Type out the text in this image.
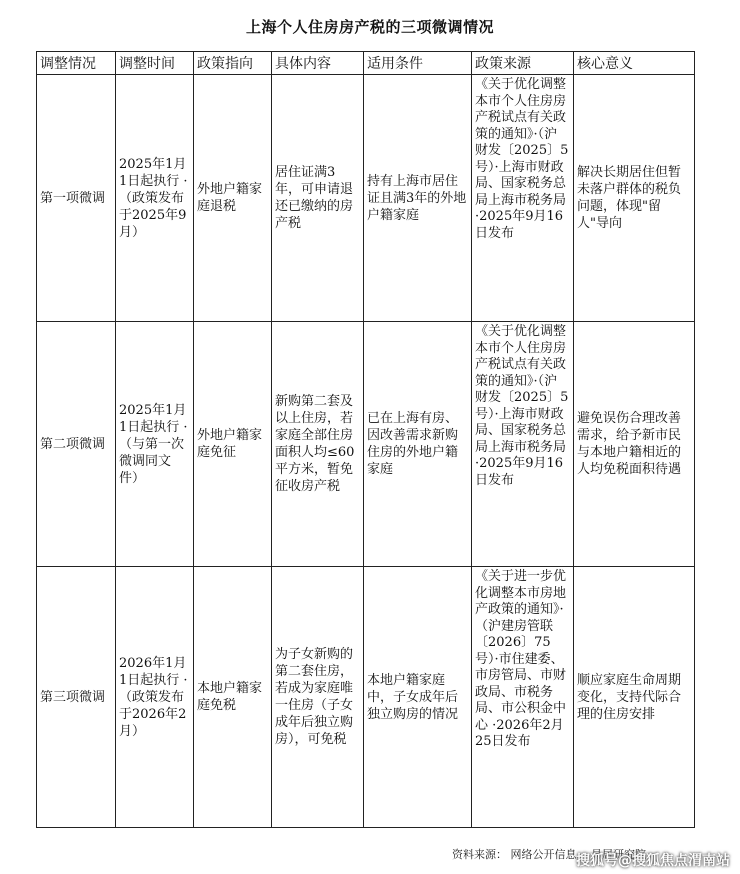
上海个人住房房产税的三项微调情况
调整情况	调整时间	政策指向	具体内容	适用条件	政策来源	核心意义
第一项微调	2025年1月1日起执行 ·（政策发布于2025年9月）	外地户籍家庭退税	居住证满3年，可申请退还已缴纳的房产税	持有上海市居住证且满3年的外地户籍家庭	《关于优化调整本市个人住房房产税试点有关政策的通知》·（沪财发〔2025〕5号）·上海市财政局、国家税务总局上海市税务局 ·2025年9月16日发布	解决长期居住但暂未落户群体的税负问题，体现"留人"导向
第二项微调	2025年1月1日起执行 ·（与第一次微调同文件）	外地户籍家庭免征	新购第二套及以上住房，若家庭全部住房面积人均≤60平方米，暂免征收房产税	已在上海有房、因改善需求新购住房的外地户籍家庭	《关于优化调整本市个人住房房产税试点有关政策的通知》·（沪财发〔2025〕5号）·上海市财政局、国家税务总局上海市税务局 ·2025年9月16日发布	避免误伤合理改善需求，给予新市民与本地户籍相近的人均免税面积待遇
第三项微调	2026年1月1日起执行 ·（政策发布于2026年2月）	本地户籍家庭免税	为子女新购的第二套住房，若成为家庭唯一住房（子女成年后独立购房），可免税	本地户籍家庭中，子女成年后独立购房的情况	《关于进一步优化调整本市房地产政策的通知》·（沪建房管联〔2026〕75号）·市住建委、市房管局、市财政局、市税务局、市公积金中心 ·2026年2月25日发布	顺应家庭生命周期变化，支持代际合理的住房安排
资料来源： 网络公开信息， 易居研究院
搜狐号@搜狐焦点渭南站
